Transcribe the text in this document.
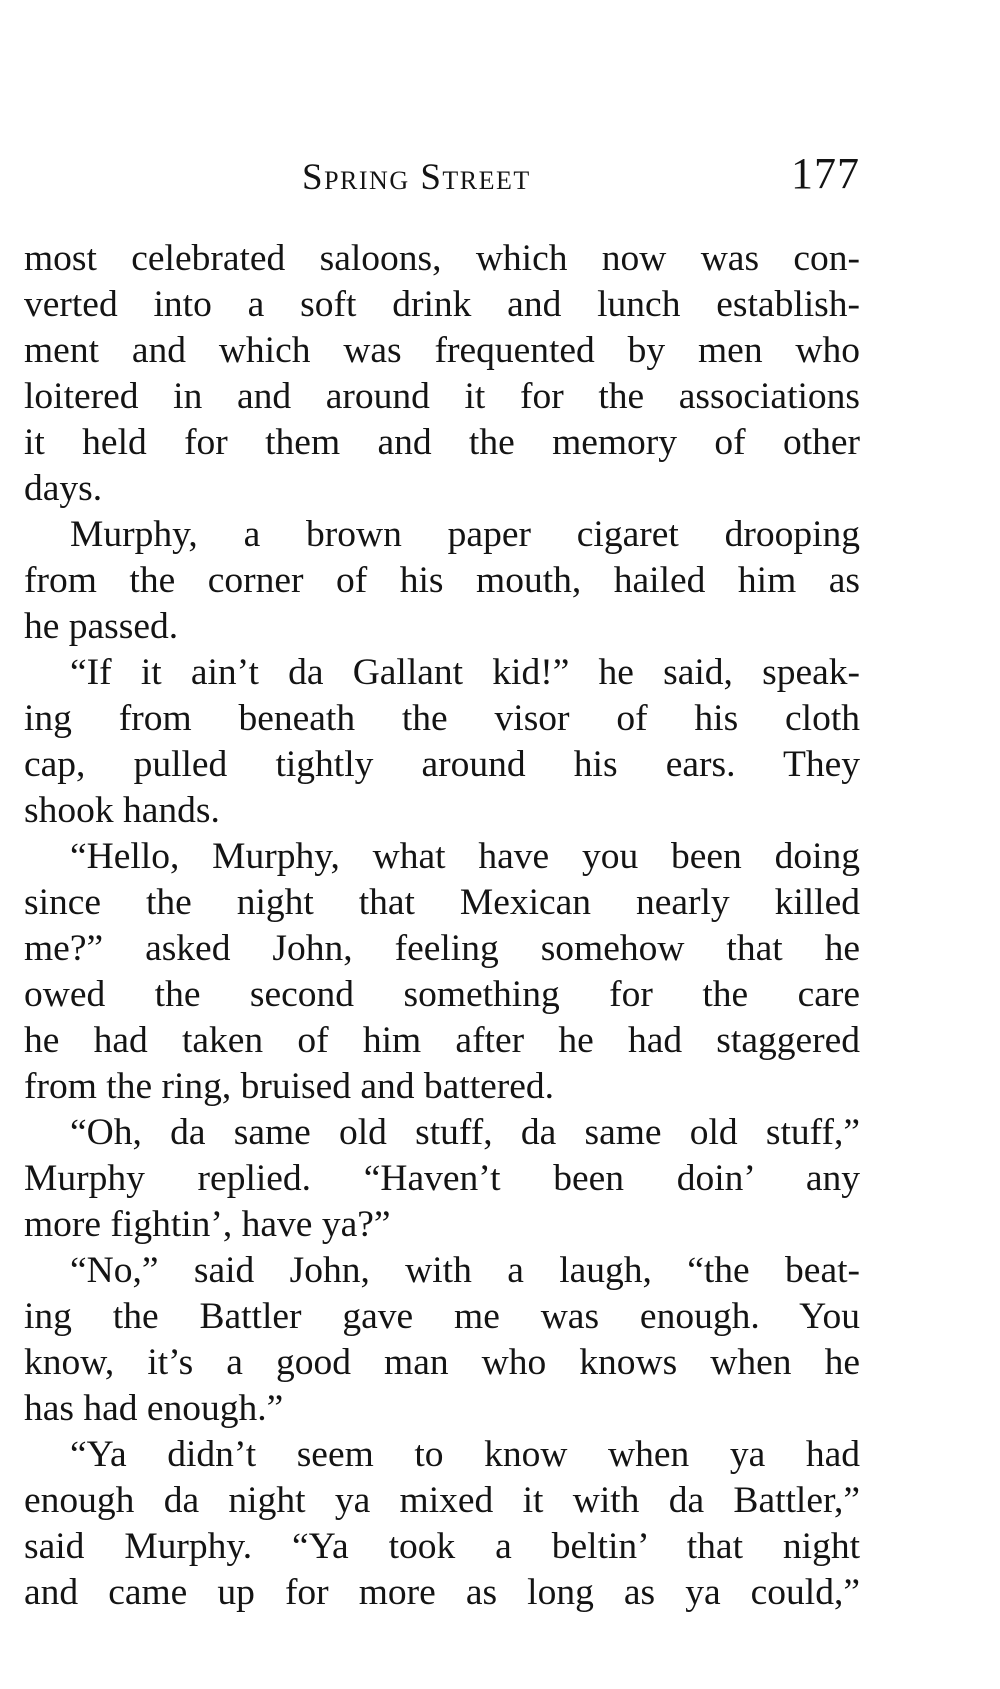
Spring Street	177
most celebrated saloons, which now was con-
verted into a soft drink and lunch establish-
ment and which was frequented by men who
loitered in and around it for the associations
it held for them and the memory of other
days.
Murphy, a brown paper cigaret drooping
from the corner of his mouth, hailed him as
he passed.
“If it ain’t da Gallant kid!” he said, speak-
ing from beneath the visor of his cloth
cap, pulled tightly around his ears. They
shook hands.
“Hello, Murphy, what have you been doing
since the night that Mexican nearly killed
me?” asked John, feeling somehow that he
owed the second something for the care
he had taken of him after he had staggered
from the ring, bruised and battered.
“Oh, da same old stuff, da same old stuff,”
Murphy replied. “Haven’t been doin’ any
more fightin’, have ya?”
“No,” said John, with a laugh, “the beat-
ing the Battler gave me was enough. You
know, it’s a good man who knows when he
has had enough.”
“Ya didn’t seem to know when ya had
enough da night ya mixed it with da Battler,”
said Murphy. “Ya took a beltin’ that night
and came up for more as long as ya could,”
